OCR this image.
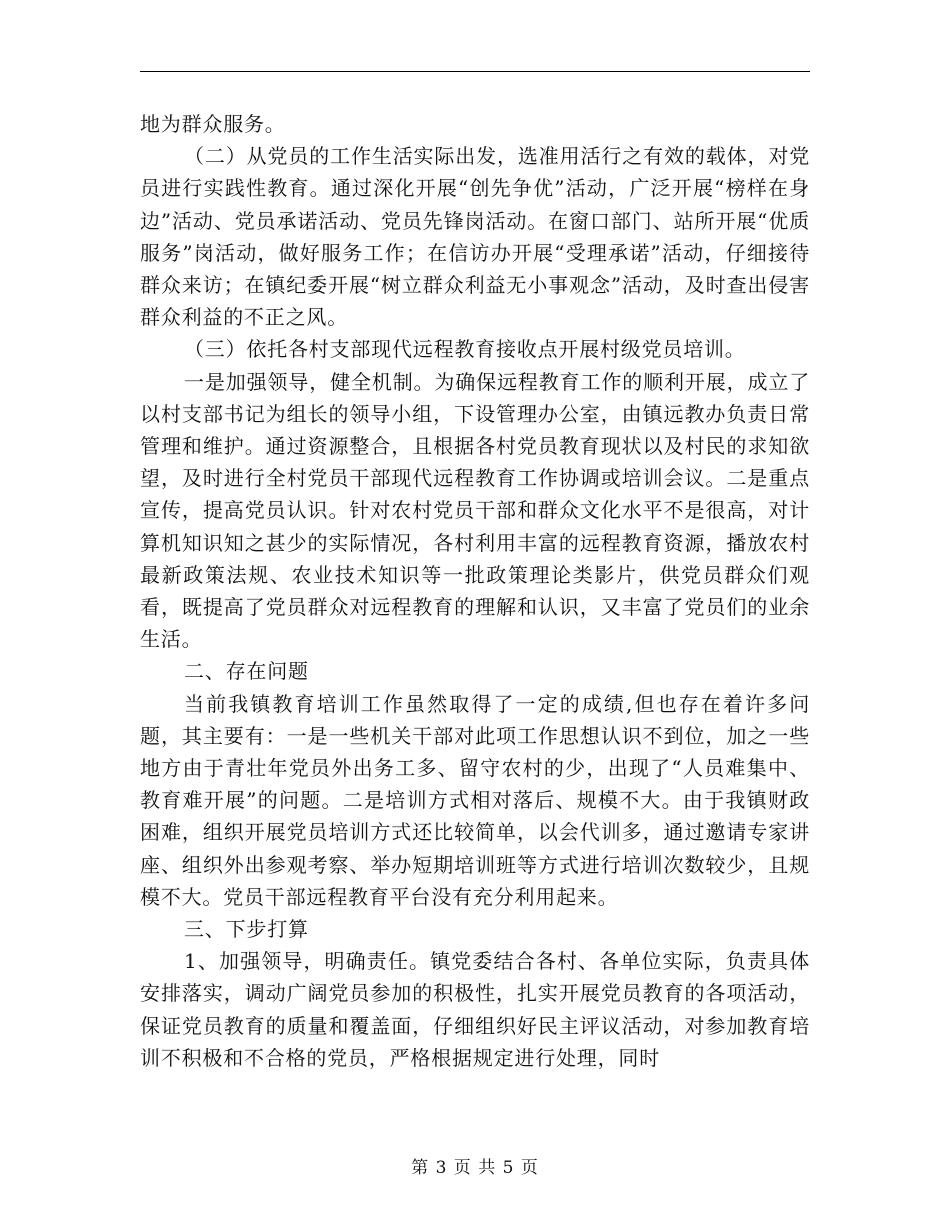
地为群众服务。

（二）从党员的工作生活实际出发，选准用活行之有效的载体，对党员进行实践性教育。通过深化开展“创先争优”活动，广泛开展“榜样在身边”活动、党员承诺活动、党员先锋岗活动。在窗口部门、站所开展“优质服务”岗活动，做好服务工作；在信访办开展“受理承诺”活动，仔细接待群众来访；在镇纪委开展“树立群众利益无小事观念”活动，及时查出侵害群众利益的不正之风。

（三）依托各村支部现代远程教育接收点开展村级党员培训。

一是加强领导，健全机制。为确保远程教育工作的顺利开展，成立了以村支部书记为组长的领导小组，下设管理办公室，由镇远教办负责日常管理和维护。通过资源整合，且根据各村党员教育现状以及村民的求知欲望，及时进行全村党员干部现代远程教育工作协调或培训会议。二是重点宣传，提高党员认识。针对农村党员干部和群众文化水平不是很高，对计算机知识知之甚少的实际情况，各村利用丰富的远程教育资源，播放农村最新政策法规、农业技术知识等一批政策理论类影片，供党员群众们观看，既提高了党员群众对远程教育的理解和认识，又丰富了党员们的业余生活。

二、存在问题

当前我镇教育培训工作虽然取得了一定的成绩,但也存在着许多问题，其主要有：一是一些机关干部对此项工作思想认识不到位，加之一些地方由于青壮年党员外出务工多、留守农村的少，出现了“人员难集中、教育难开展”的问题。二是培训方式相对落后、规模不大。由于我镇财政困难，组织开展党员培训方式还比较简单，以会代训多，通过邀请专家讲座、组织外出参观考察、举办短期培训班等方式进行培训次数较少，且规模不大。党员干部远程教育平台没有充分利用起来。

三、下步打算

1、加强领导，明确责任。镇党委结合各村、各单位实际，负责具体安排落实，调动广阔党员参加的积极性，扎实开展党员教育的各项活动，保证党员教育的质量和覆盖面，仔细组织好民主评议活动，对参加教育培训不积极和不合格的党员，严格根据规定进行处理，同时

第 3 页 共 5 页
